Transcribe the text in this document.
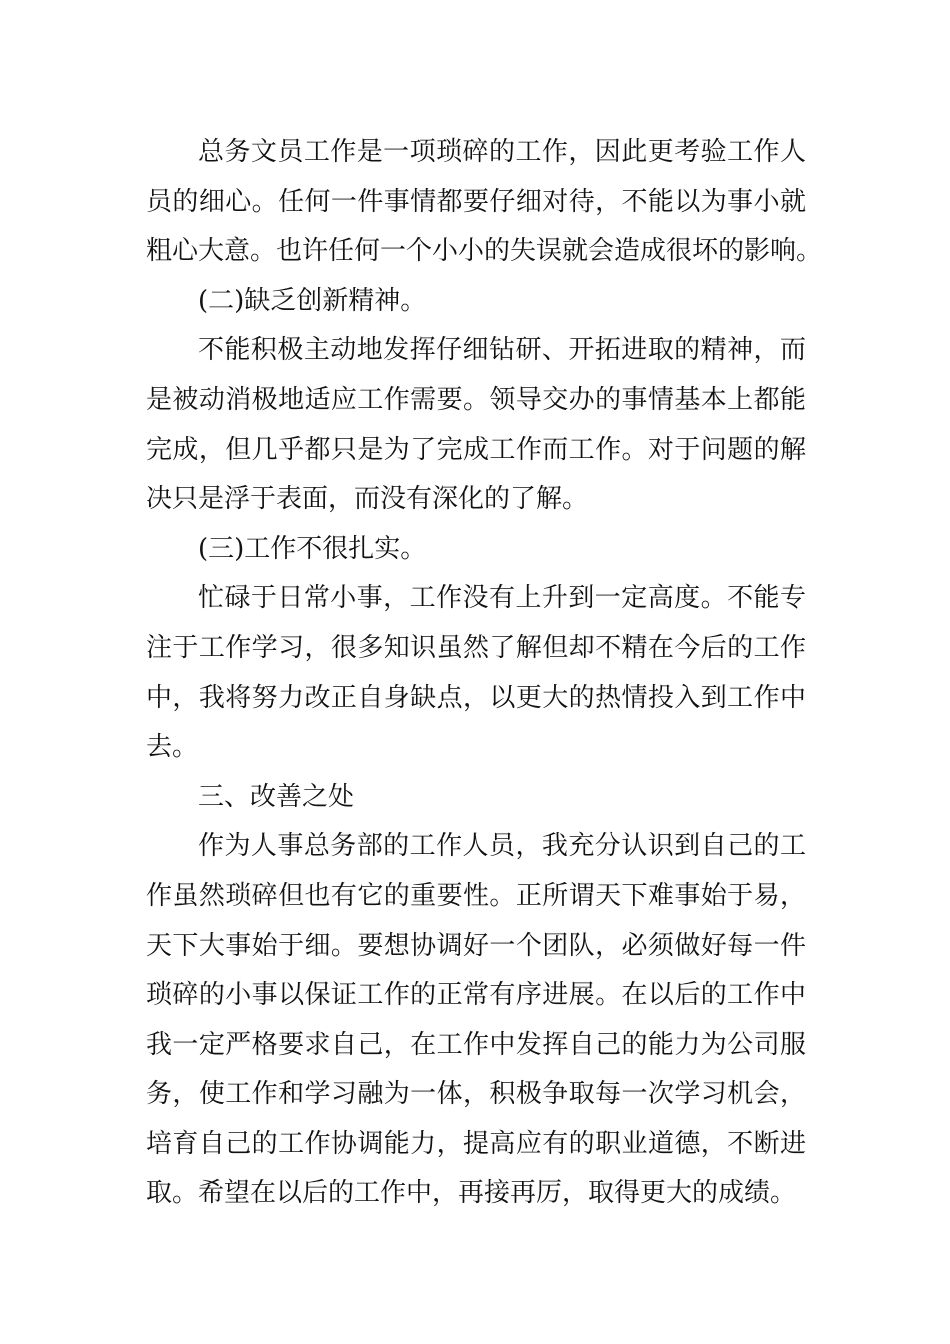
总务文员工作是一项琐碎的工作，因此更考验工作人
员的细心。任何一件事情都要仔细对待，不能以为事小就
粗心大意。也许任何一个小小的失误就会造成很坏的影响。
(二)缺乏创新精神。
不能积极主动地发挥仔细钻研、开拓进取的精神，而
是被动消极地适应工作需要。领导交办的事情基本上都能
完成，但几乎都只是为了完成工作而工作。对于问题的解
决只是浮于表面，而没有深化的了解。
(三)工作不很扎实。
忙碌于日常小事，工作没有上升到一定高度。不能专
注于工作学习，很多知识虽然了解但却不精在今后的工作
中，我将努力改正自身缺点，以更大的热情投入到工作中
去。
三、改善之处
作为人事总务部的工作人员，我充分认识到自己的工
作虽然琐碎但也有它的重要性。正所谓天下难事始于易，
天下大事始于细。要想协调好一个团队，必须做好每一件
琐碎的小事以保证工作的正常有序进展。在以后的工作中
我一定严格要求自己，在工作中发挥自己的能力为公司服
务，使工作和学习融为一体，积极争取每一次学习机会，
培育自己的工作协调能力，提高应有的职业道德，不断进
取。希望在以后的工作中，再接再厉，取得更大的成绩。
